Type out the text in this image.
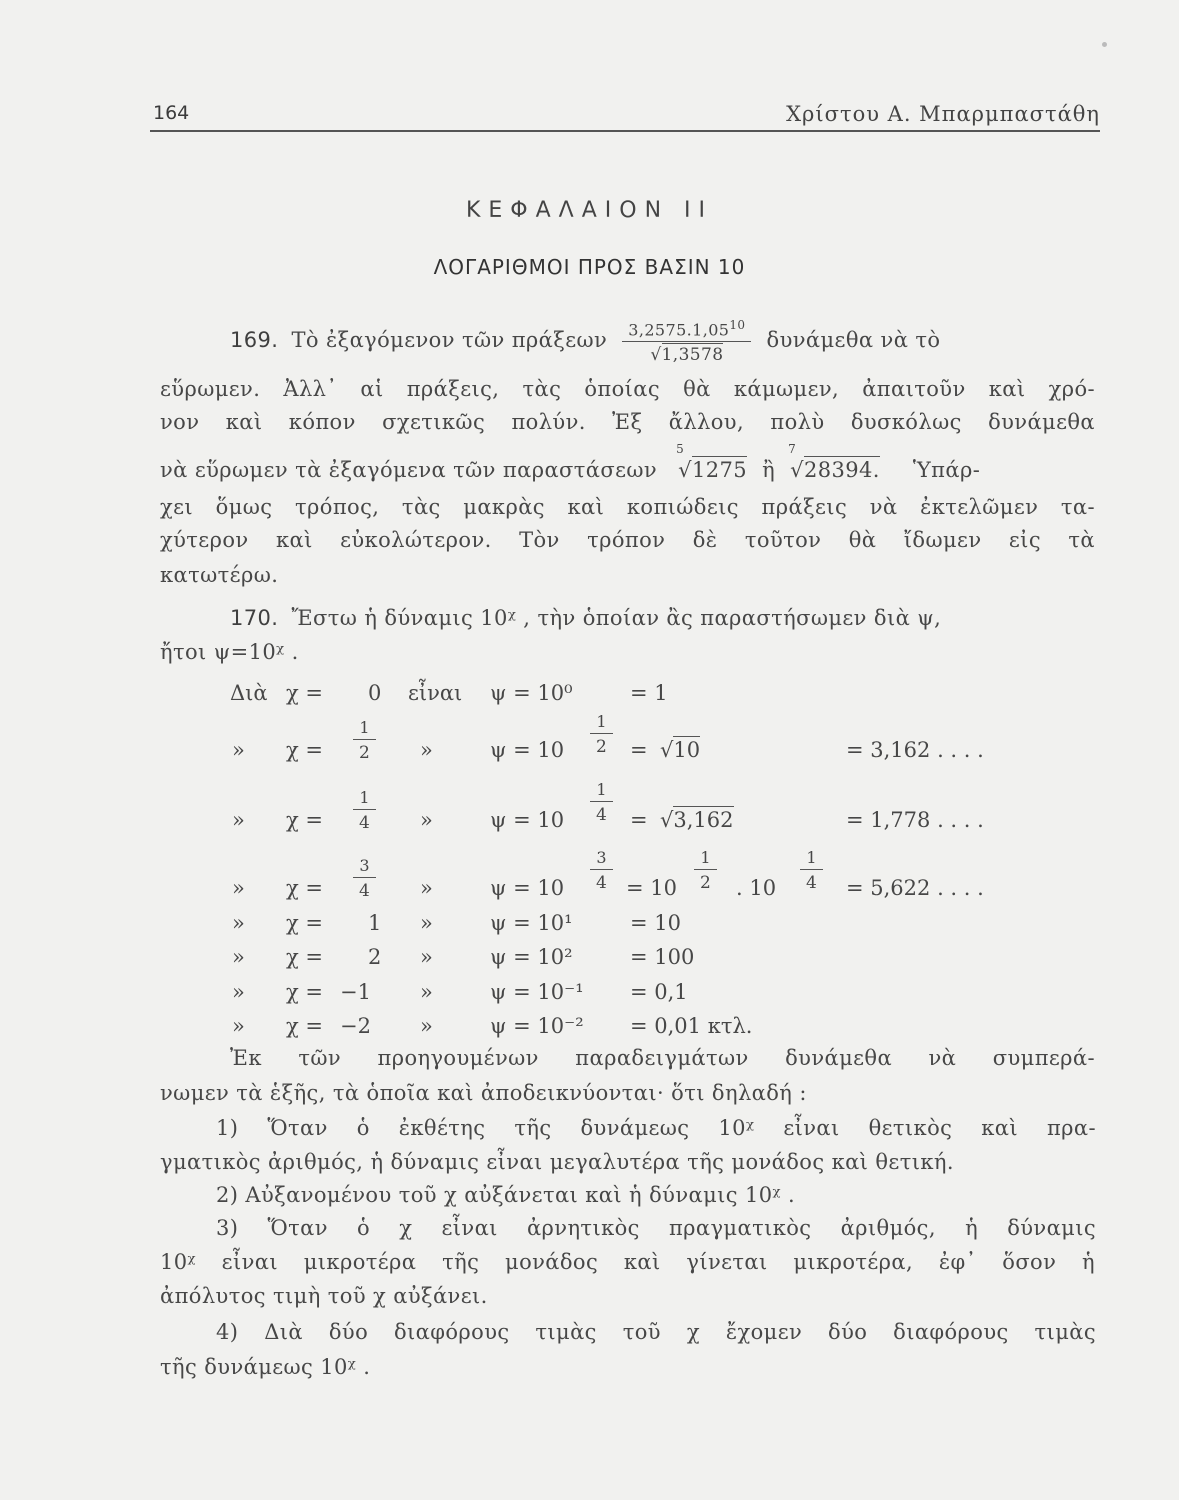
164	Χρίστου Α. Μπαρμπαστάθη
ΚΕΦΑΛΑΙΟΝ ΙΙ
ΛΟΓΑΡΙΘΜΟΙ ΠΡΟΣ ΒΑΣΙΝ 10
169. Τὸ ἐξαγόμενον τῶν πράξεων $\frac{3,2575.1,05^{10}}{√1,3578}$ δυνάμεθα νὰ τὸ
εὕρωμεν. Ἀλλ᾽ αἱ πράξεις, τὰς ὁποίας θὰ κάμωμεν, ἀπαιτοῦν καὶ χρό-
νον καὶ κόπον σχετικῶς πολύν. Ἐξ ἄλλου, πολὺ δυσκόλως δυνάμεθα
νὰ εὕρωμεν τὰ ἐξαγόμενα τῶν παραστάσεων
5
√1275 ἢ
7
√28394. Ὑπάρ-
χει ὅμως τρόπος, τὰς μακρὰς καὶ κοπιώδεις πράξεις νὰ ἐκτελῶμεν τα-
χύτερον καὶ εὐκολώτερον. Τὸν τρόπον δὲ τοῦτον θὰ ἴδωμεν εἰς τὰ
κατωτέρω.
170. Ἔστω ἡ δύναμις 10ᵡ , τὴν ὁποίαν ἂς παραστήσωμεν διὰ ψ,
ἤτοι ψ=10ᵡ .
Διὰ χ = 0 εἶναι ψ = 10⁰	= 1
» $\chi = \frac{1}{2}$ »	$\psi = 10 \frac{1}{2} = √10$	= 3,162 . . . .
» $\chi = \frac{1}{4}$ »	$\psi = 10 \frac{1}{4} = √3,162$	= 1,778 . . . .
» $\chi = \frac{3}{4}$ »	$\psi = 10 \frac{3}{4} = 10 \frac{1}{2}$ . $10 \frac{1}{4} = 5,622$ . . . .
» χ = 1 »	ψ = 10¹	= 10
» χ = 2 »	ψ = 10²	= 100
» χ = −1 »	ψ = 10⁻¹ = 0,1
» χ = −2 »	ψ = 10⁻² = 0,01 κτλ.
Ἐκ τῶν προηγουμένων παραδειγμάτων δυνάμεθα νὰ συμπερά-
νωμεν τὰ ἑξῆς, τὰ ὁποῖα καὶ ἀποδεικνύονται· ὅτι δηλαδή :
1) Ὅταν ὁ ἐκθέτης τῆς δυνάμεως 10ᵡ εἶναι θετικὸς καὶ πρα-
γματικὸς ἀριθμός, ἡ δύναμις εἶναι μεγαλυτέρα τῆς μονάδος καὶ θετική.
2) Αὐξανομένου τοῦ χ αὐξάνεται καὶ ἡ δύναμις 10ᵡ .
3) Ὅταν ὁ χ εἶναι ἀρνητικὸς πραγματικὸς ἀριθμός, ἡ δύναμις
10ᵡ εἶναι μικροτέρα τῆς μονάδος καὶ γίνεται μικροτέρα, ἐφ᾽ ὅσον ἡ
ἀπόλυτος τιμὴ τοῦ χ αὐξάνει.
4) Διὰ δύο διαφόρους τιμὰς τοῦ χ ἔχομεν δύο διαφόρους τιμὰς
τῆς δυνάμεως 10ᵡ .
